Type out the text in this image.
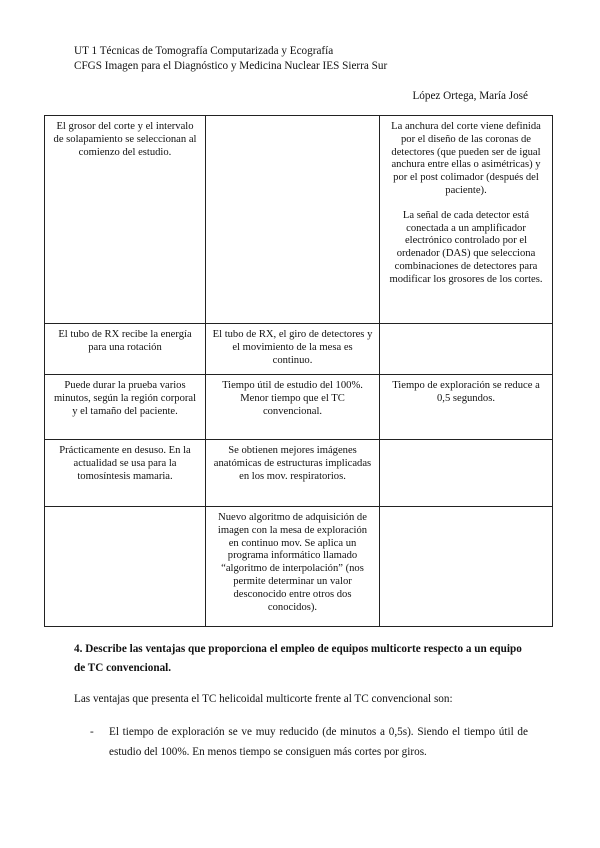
UT 1 Técnicas de Tomografía Computarizada y Ecografía
CFGS Imagen para el Diagnóstico y Medicina Nuclear IES Sierra Sur
López Ortega, María José

El grosor del corte y el intervalo de solapamiento se seleccionan al comienzo del estudio.		La anchura del corte viene definida por el diseño de las coronas de detectores (que pueden ser de igual anchura entre ellas o asimétricas) y por el post colimador (después del paciente).

La señal de cada detector está conectada a un amplificador electrónico controlado por el ordenador (DAS) que selecciona combinaciones de detectores para modificar los grosores de los cortes.

El tubo de RX recibe la energía para una rotación	El tubo de RX, el giro de detectores y el movimiento de la mesa es continuo.	

Puede durar la prueba varios minutos, según la región corporal y el tamaño del paciente.	Tiempo útil de estudio del 100%. Menor tiempo que el TC convencional.	Tiempo de exploración se reduce a 0,5 segundos.

Prácticamente en desuso. En la actualidad se usa para la tomosíntesis mamaria.	Se obtienen mejores imágenes anatómicas de estructuras implicadas en los mov. respiratorios.	

	Nuevo algoritmo de adquisición de imagen con la mesa de exploración en continuo mov. Se aplica un programa informático llamado “algoritmo de interpolación” (nos permite determinar un valor desconocido entre otros dos conocidos).	

4. Describe las ventajas que proporciona el empleo de equipos multicorte respecto a un equipo de TC convencional.
Las ventajas que presenta el TC helicoidal multicorte frente al TC convencional son:
- El tiempo de exploración se ve muy reducido (de minutos a 0,5s). Siendo el tiempo útil de estudio del 100%. En menos tiempo se consiguen más cortes por giros.
